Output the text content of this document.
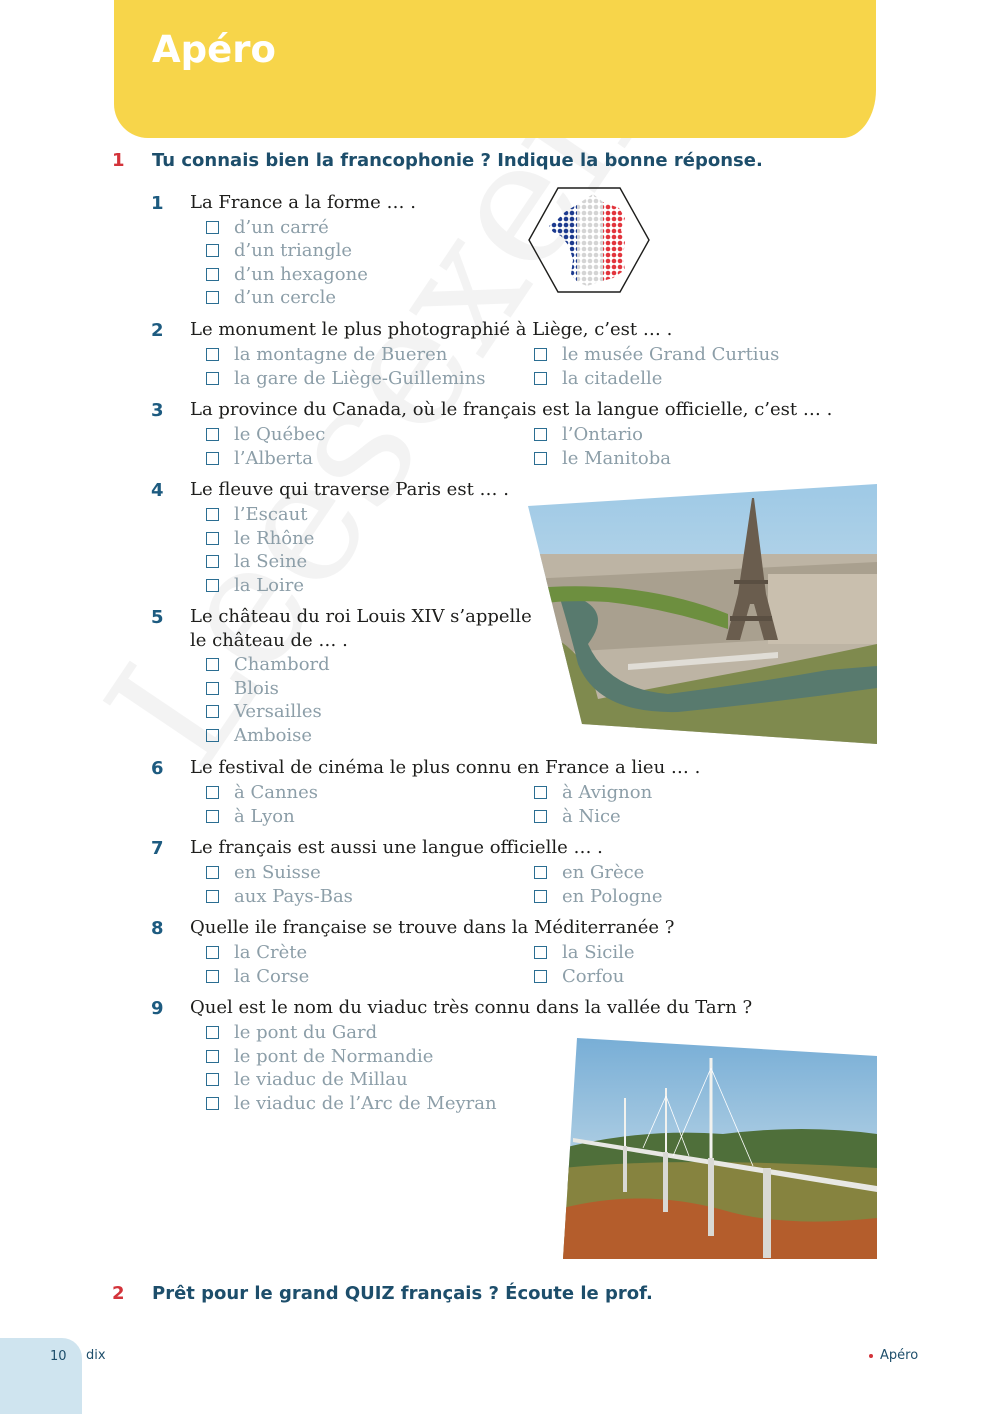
Apéro
1 Tu connais bien la francophonie ? Indique la bonne réponse.
1 La France a la forme … .
d’un carré
d’un triangle
d’un hexagone
d’un cercle
2 Le monument le plus photographié à Liège, c’est … .
la montagne de Bueren	le musée Grand Curtius
la gare de Liège-Guillemins	la citadelle
3 La province du Canada, où le français est la langue officielle, c’est … .
le Québec	l’Ontario
l’Alberta	le Manitoba
4 Le fleuve qui traverse Paris est … .
l’Escaut
le Rhône
la Seine
la Loire
5 Le château du roi Louis XIV s’appelle
le château de … .
Chambord
Blois
Versailles
Amboise
6 Le festival de cinéma le plus connu en France a lieu … .
à Cannes	à Avignon
à Lyon	à Nice
7 Le français est aussi une langue officielle … .
en Suisse	en Grèce
aux Pays-Bas	en Pologne
8 Quelle ile française se trouve dans la Méditerranée ?
la Crète	la Sicile
la Corse	Corfou
9 Quel est le nom du viaduc très connu dans la vallée du Tarn ?
le pont du Gard
le pont de Normandie
le viaduc de Millau
le viaduc de l’Arc de Meyran
2 Prêt pour le grand QUIZ français ? Écoute le prof.
10 dix	Apéro
